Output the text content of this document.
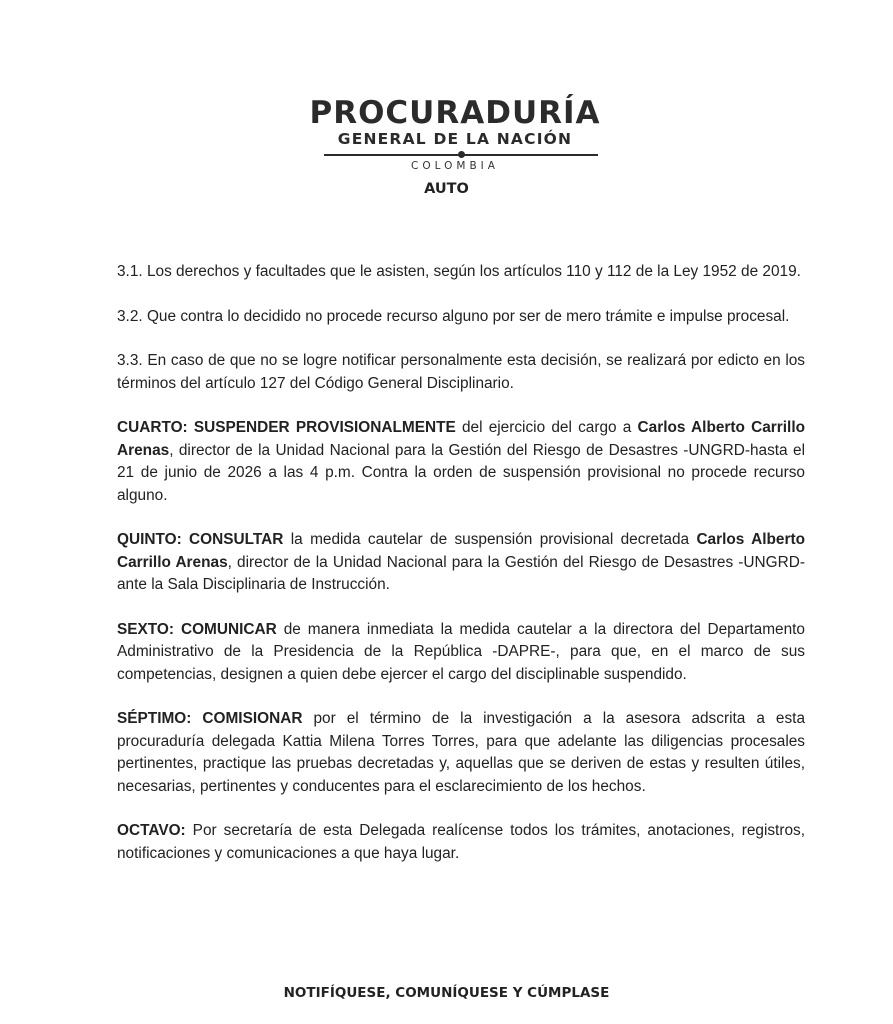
PROCURADURÍA
GENERAL DE LA NACIÓN
COLOMBIA
AUTO

3.1. Los derechos y facultades que le asisten, según los artículos 110 y 112 de la Ley 1952 de 2019.

3.2. Que contra lo decidido no procede recurso alguno por ser de mero trámite e impulse procesal.

3.3. En caso de que no se logre notificar personalmente esta decisión, se realizará por edicto en los términos del artículo 127 del Código General Disciplinario.

CUARTO: SUSPENDER PROVISIONALMENTE del ejercicio del cargo a Carlos Alberto Carrillo Arenas, director de la Unidad Nacional para la Gestión del Riesgo de Desastres -UNGRD-hasta el 21 de junio de 2026 a las 4 p.m. Contra la orden de suspensión provisional no procede recurso alguno.

QUINTO: CONSULTAR la medida cautelar de suspensión provisional decretada Carlos Alberto Carrillo Arenas, director de la Unidad Nacional para la Gestión del Riesgo de Desastres -UNGRD- ante la Sala Disciplinaria de Instrucción.

SEXTO: COMUNICAR de manera inmediata la medida cautelar a la directora del Departamento Administrativo de la Presidencia de la República -DAPRE-, para que, en el marco de sus competencias, designen a quien debe ejercer el cargo del disciplinable suspendido.

SÉPTIMO: COMISIONAR por el término de la investigación a la asesora adscrita a esta procuraduría delegada Kattia Milena Torres Torres, para que adelante las diligencias procesales pertinentes, practique las pruebas decretadas y, aquellas que se deriven de estas y resulten útiles, necesarias, pertinentes y conducentes para el esclarecimiento de los hechos.

OCTAVO: Por secretaría de esta Delegada realícense todos los trámites, anotaciones, registros, notificaciones y comunicaciones a que haya lugar.

NOTIFÍQUESE, COMUNÍQUESE Y CÚMPLASE
